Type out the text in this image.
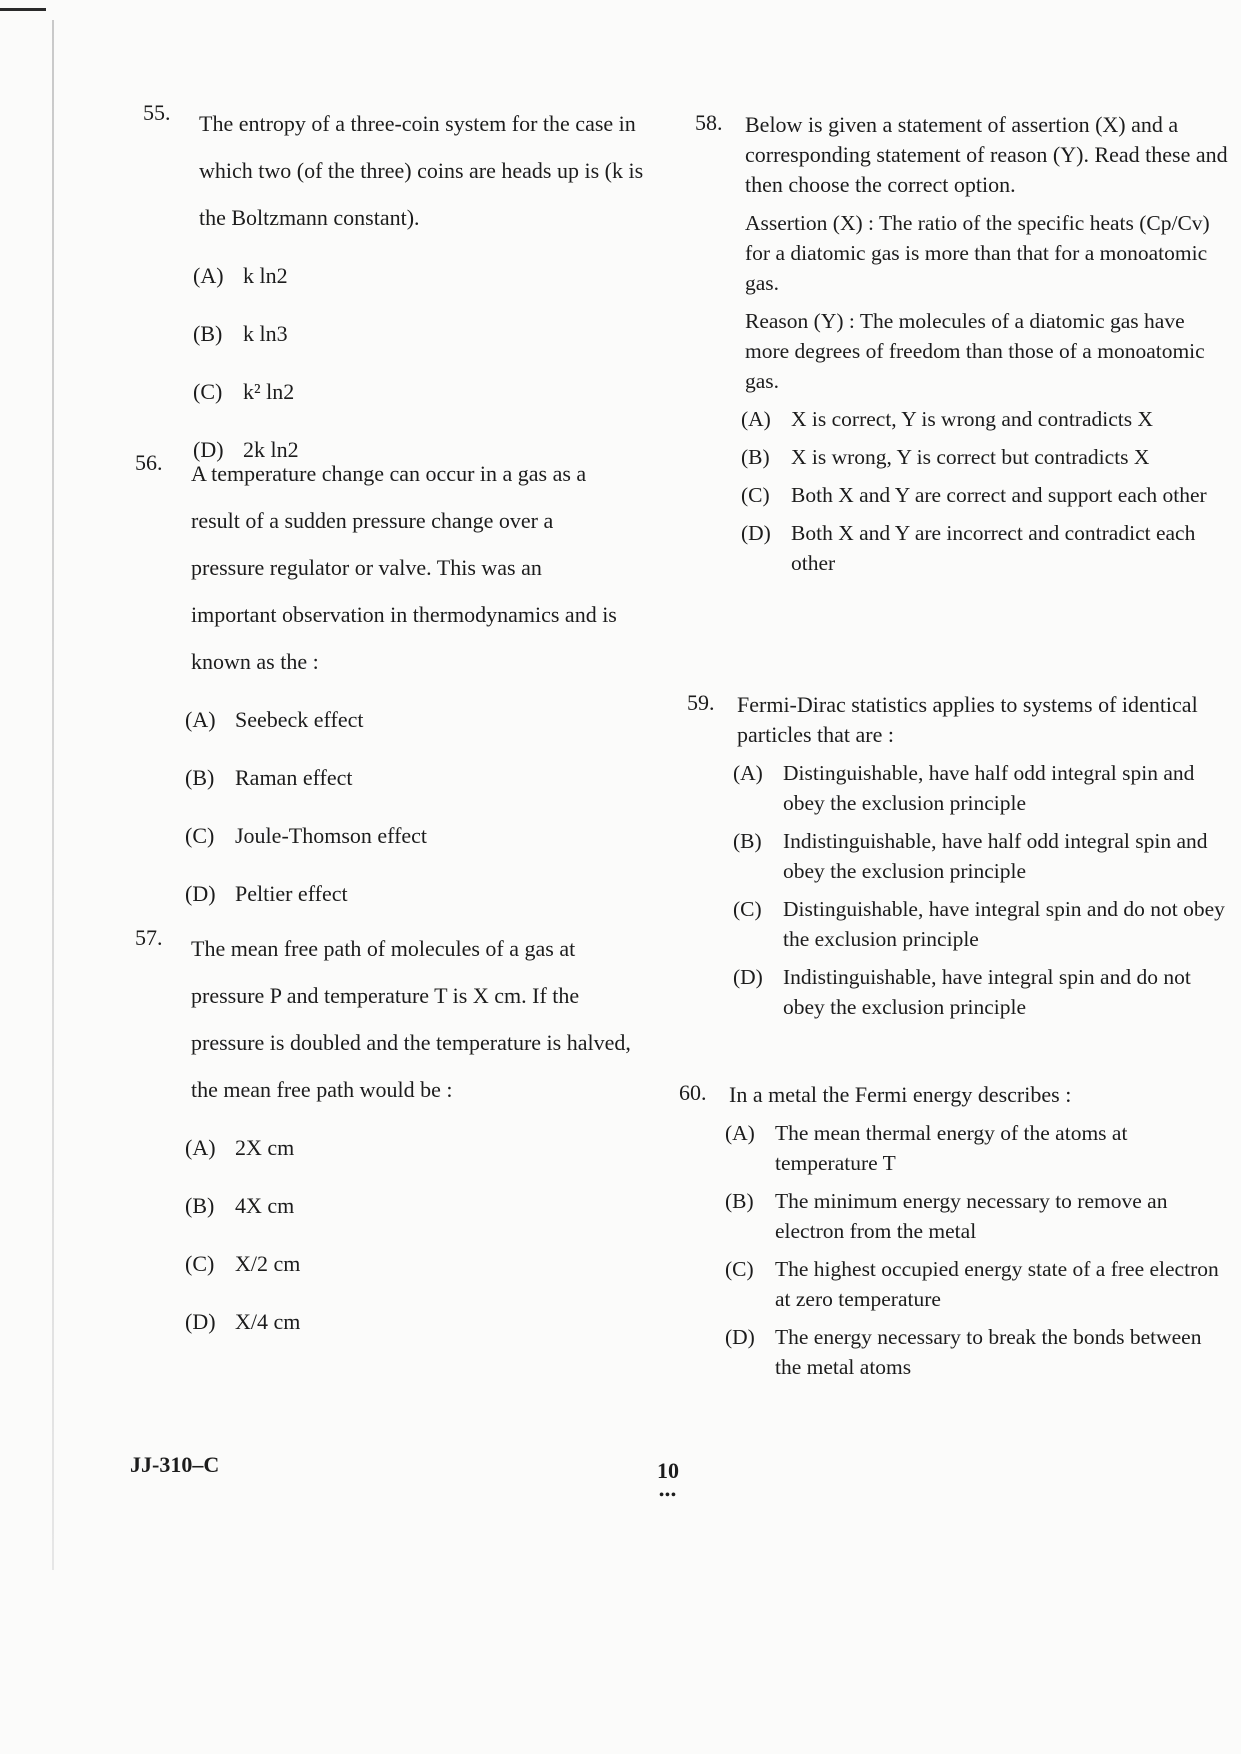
55.	The entropy of a three-coin system for the case in which two (of the three) coins are heads up is (k is the Boltzmann constant).
(A) k ln2
(B) k ln3
(C) k² ln2
(D) 2k ln2
56.	A temperature change can occur in a gas as a result of a sudden pressure change over a pressure regulator or valve. This was an important observation in thermodynamics and is known as the :
(A) Seebeck effect
(B) Raman effect
(C) Joule-Thomson effect
(D) Peltier effect
57.	The mean free path of molecules of a gas at pressure P and temperature T is X cm. If the pressure is doubled and the temperature is halved, the mean free path would be :
(A) 2X cm
(B) 4X cm
(C) X/2 cm
(D) X/4 cm
58. Below is given a statement of assertion (X) and a corresponding statement of reason (Y). Read these and then choose the correct option.
Assertion (X) : The ratio of the specific heats (Cp/Cv) for a diatomic gas is more than that for a monoatomic gas.
Reason (Y) : The molecules of a diatomic gas have more degrees of freedom than those of a monoatomic gas.
(A) X is correct, Y is wrong and contradicts X
(B) X is wrong, Y is correct but contradicts X
(C) Both X and Y are correct and support each other
(D) Both X and Y are incorrect and contradict each other
59. Fermi-Dirac statistics applies to systems of identical particles that are :
(A) Distinguishable, have half odd integral spin and obey the exclusion principle
(B) Indistinguishable, have half odd integral spin and obey the exclusion principle
(C) Distinguishable, have integral spin and do not obey the exclusion principle
(D) Indistinguishable, have integral spin and do not obey the exclusion principle
60. In a metal the Fermi energy describes :
(A) The mean thermal energy of the atoms at temperature T
(B) The minimum energy necessary to remove an electron from the metal
(C) The highest occupied energy state of a free electron at zero temperature
(D) The energy necessary to break the bonds between the metal atoms
JJ-310–C	10
•••
